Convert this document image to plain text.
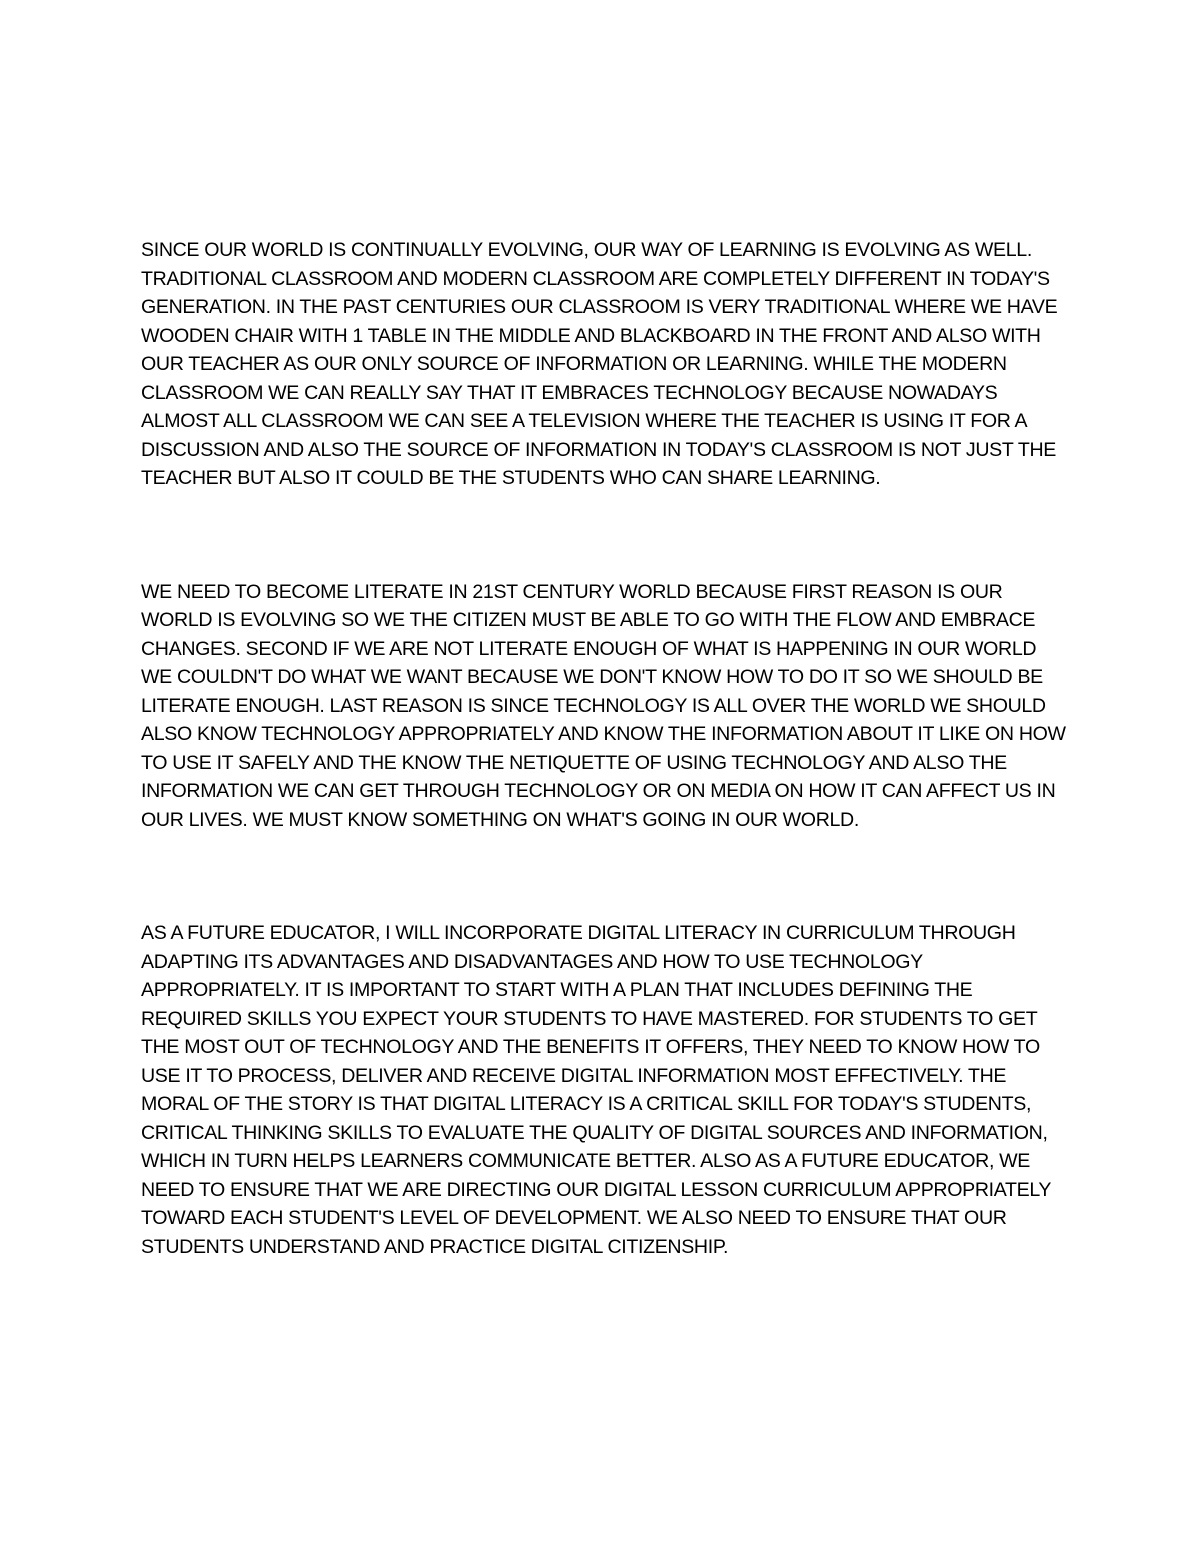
SINCE OUR WORLD IS CONTINUALLY EVOLVING, OUR WAY OF LEARNING IS EVOLVING AS WELL. TRADITIONAL CLASSROOM AND MODERN CLASSROOM ARE COMPLETELY DIFFERENT IN TODAY'S GENERATION. IN THE PAST CENTURIES OUR CLASSROOM IS VERY TRADITIONAL WHERE WE HAVE WOODEN CHAIR WITH 1 TABLE IN THE MIDDLE AND BLACKBOARD IN THE FRONT AND ALSO WITH OUR TEACHER AS OUR ONLY SOURCE OF INFORMATION OR LEARNING. WHILE THE MODERN CLASSROOM WE CAN REALLY SAY THAT IT EMBRACES TECHNOLOGY BECAUSE NOWADAYS ALMOST ALL CLASSROOM WE CAN SEE A TELEVISION WHERE THE TEACHER IS USING IT FOR A DISCUSSION AND ALSO THE SOURCE OF INFORMATION IN TODAY'S CLASSROOM IS NOT JUST THE TEACHER BUT ALSO IT COULD BE THE STUDENTS WHO CAN SHARE LEARNING.

WE NEED TO BECOME LITERATE IN 21ST CENTURY WORLD BECAUSE FIRST REASON IS OUR WORLD IS EVOLVING SO WE THE CITIZEN MUST BE ABLE TO GO WITH THE FLOW AND EMBRACE CHANGES. SECOND IF WE ARE NOT LITERATE ENOUGH OF WHAT IS HAPPENING IN OUR WORLD WE COULDN'T DO WHAT WE WANT BECAUSE WE DON'T KNOW HOW TO DO IT SO WE SHOULD BE LITERATE ENOUGH. LAST REASON IS SINCE TECHNOLOGY IS ALL OVER THE WORLD WE SHOULD ALSO KNOW TECHNOLOGY APPROPRIATELY AND KNOW THE INFORMATION ABOUT IT LIKE ON HOW TO USE IT SAFELY AND THE KNOW THE NETIQUETTE OF USING TECHNOLOGY AND ALSO THE INFORMATION WE CAN GET THROUGH TECHNOLOGY OR ON MEDIA ON HOW IT CAN AFFECT US IN OUR LIVES. WE MUST KNOW SOMETHING ON WHAT'S GOING IN OUR WORLD.

AS A FUTURE EDUCATOR, I WILL INCORPORATE DIGITAL LITERACY IN CURRICULUM THROUGH ADAPTING ITS ADVANTAGES AND DISADVANTAGES AND HOW TO USE TECHNOLOGY APPROPRIATELY. IT IS IMPORTANT TO START WITH A PLAN THAT INCLUDES DEFINING THE REQUIRED SKILLS YOU EXPECT YOUR STUDENTS TO HAVE MASTERED. FOR STUDENTS TO GET THE MOST OUT OF TECHNOLOGY AND THE BENEFITS IT OFFERS, THEY NEED TO KNOW HOW TO USE IT TO PROCESS, DELIVER AND RECEIVE DIGITAL INFORMATION MOST EFFECTIVELY. THE MORAL OF THE STORY IS THAT DIGITAL LITERACY IS A CRITICAL SKILL FOR TODAY'S STUDENTS, CRITICAL THINKING SKILLS TO EVALUATE THE QUALITY OF DIGITAL SOURCES AND INFORMATION, WHICH IN TURN HELPS LEARNERS COMMUNICATE BETTER. ALSO AS A FUTURE EDUCATOR, WE NEED TO ENSURE THAT WE ARE DIRECTING OUR DIGITAL LESSON CURRICULUM APPROPRIATELY TOWARD EACH STUDENT'S LEVEL OF DEVELOPMENT. WE ALSO NEED TO ENSURE THAT OUR STUDENTS UNDERSTAND AND PRACTICE DIGITAL CITIZENSHIP.
